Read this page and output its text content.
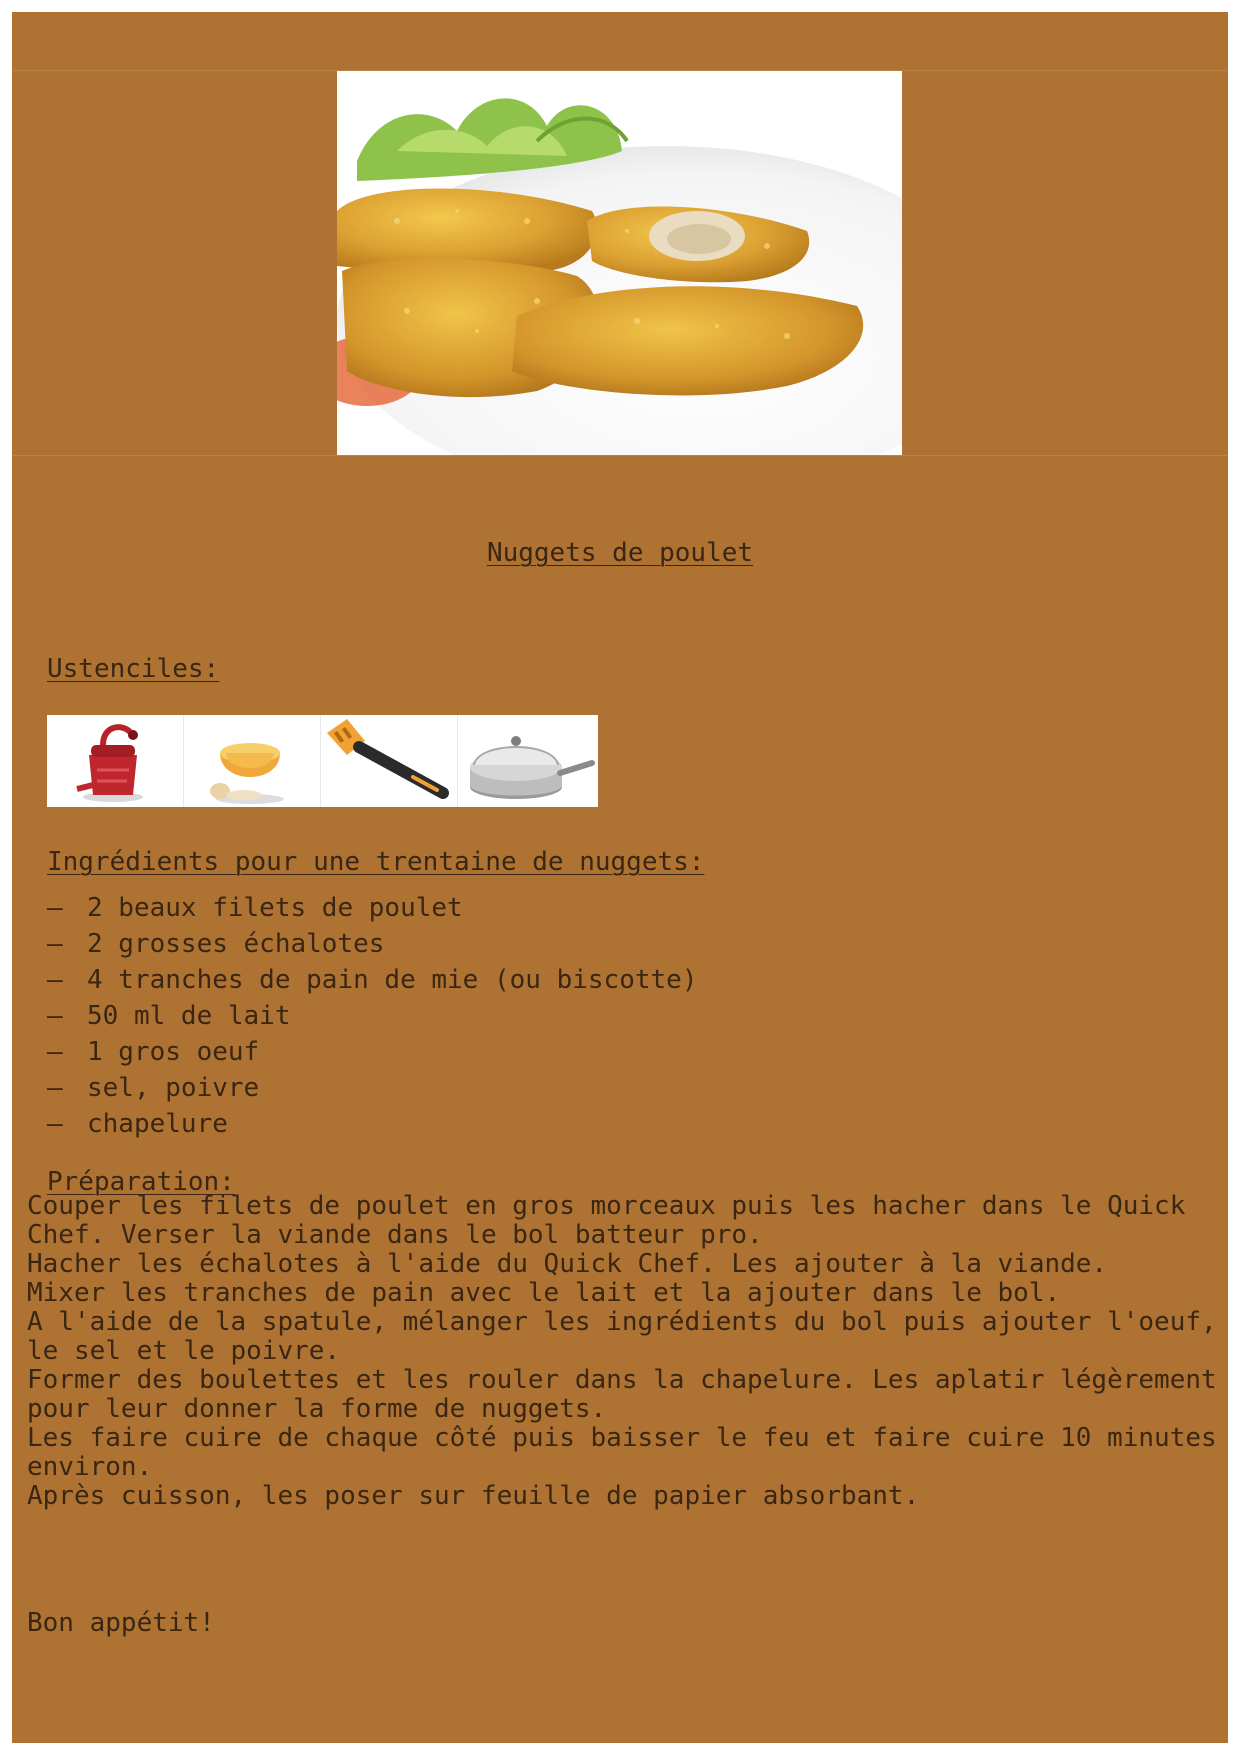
Nuggets de poulet
Ustenciles:
Ingrédients pour une trentaine de nuggets:
– 2 beaux filets de poulet
– 2 grosses échalotes
– 4 tranches de pain de mie (ou biscotte)
– 50 ml de lait
– 1 gros oeuf
– sel, poivre
– chapelure
Préparation:

Couper les filets de poulet en gros morceaux puis les hacher dans le Quick Chef. Verser la viande dans le bol batteur pro.

Hacher les échalotes à l'aide du Quick Chef. Les ajouter à la viande.

Mixer les tranches de pain avec le lait et la ajouter dans le bol.

A l'aide de la spatule, mélanger les ingrédients du bol puis ajouter l'oeuf, le sel et le poivre.

Former des boulettes et les rouler dans la chapelure. Les aplatir légèrement pour leur donner la forme de nuggets.

Les faire cuire de chaque côté puis baisser le feu et faire cuire 10 minutes environ.

Après cuisson, les poser sur feuille de papier absorbant.

Bon appétit!
